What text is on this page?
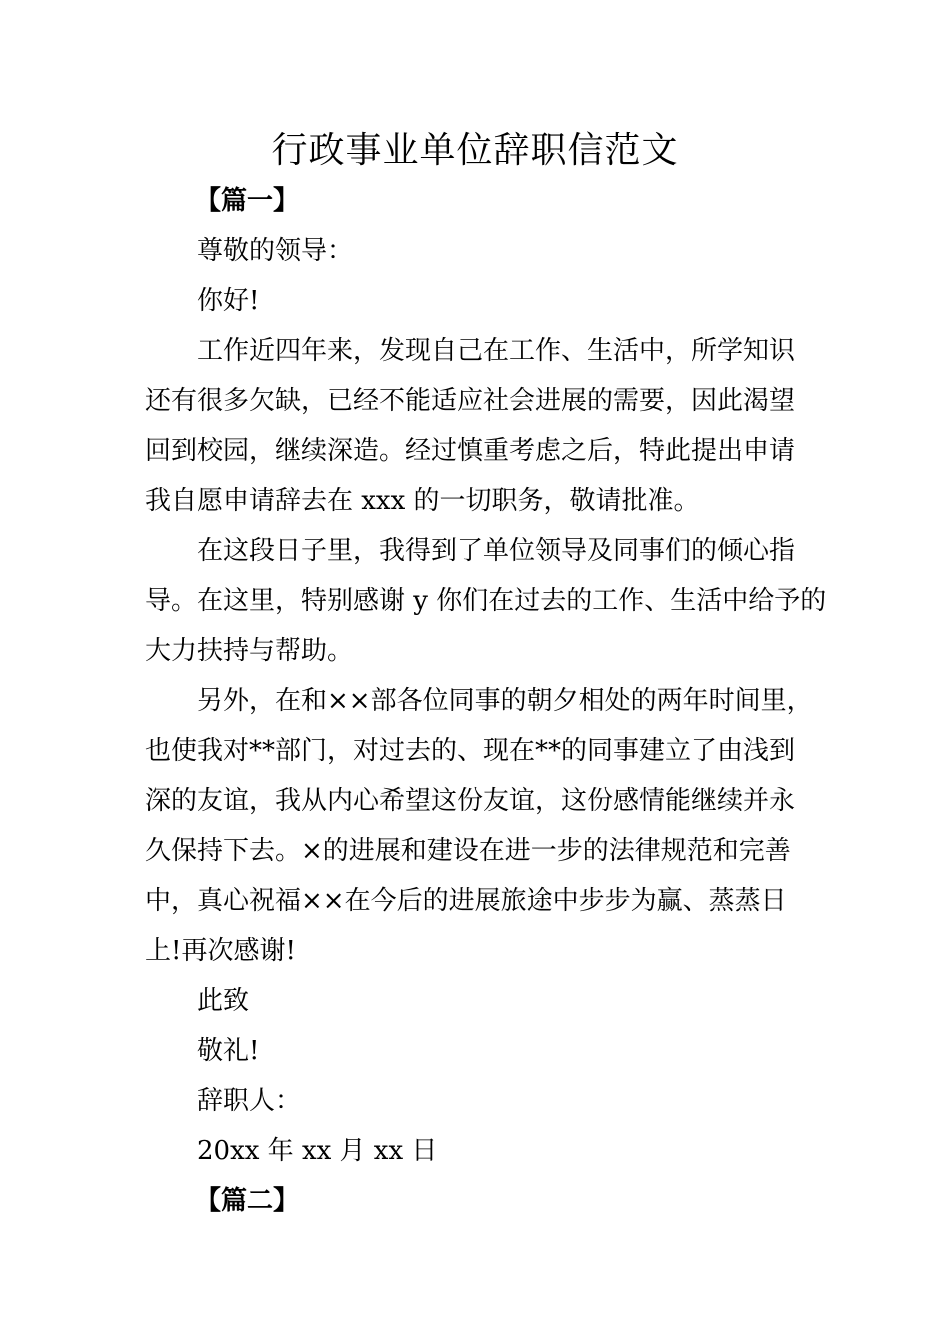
行政事业单位辞职信范文
【篇一】
尊敬的领导：
你好!
工作近四年来，发现自己在工作、生活中，所学知识
还有很多欠缺，已经不能适应社会进展的需要，因此渴望
回到校园，继续深造。经过慎重考虑之后，特此提出申请
我自愿申请辞去在 xxx 的一切职务，敬请批准。
在这段日子里，我得到了单位领导及同事们的倾心指
导。在这里，特别感谢 y 你们在过去的工作、生活中给予的
大力扶持与帮助。
另外，在和××部各位同事的朝夕相处的两年时间里，
也使我对**部门，对过去的、现在**的同事建立了由浅到
深的友谊，我从内心希望这份友谊，这份感情能继续并永
久保持下去。×的进展和建设在进一步的法律规范和完善
中，真心祝福××在今后的进展旅途中步步为赢、蒸蒸日
上!再次感谢!
此致
敬礼!
辞职人：
20xx 年 xx 月 xx 日
【篇二】
